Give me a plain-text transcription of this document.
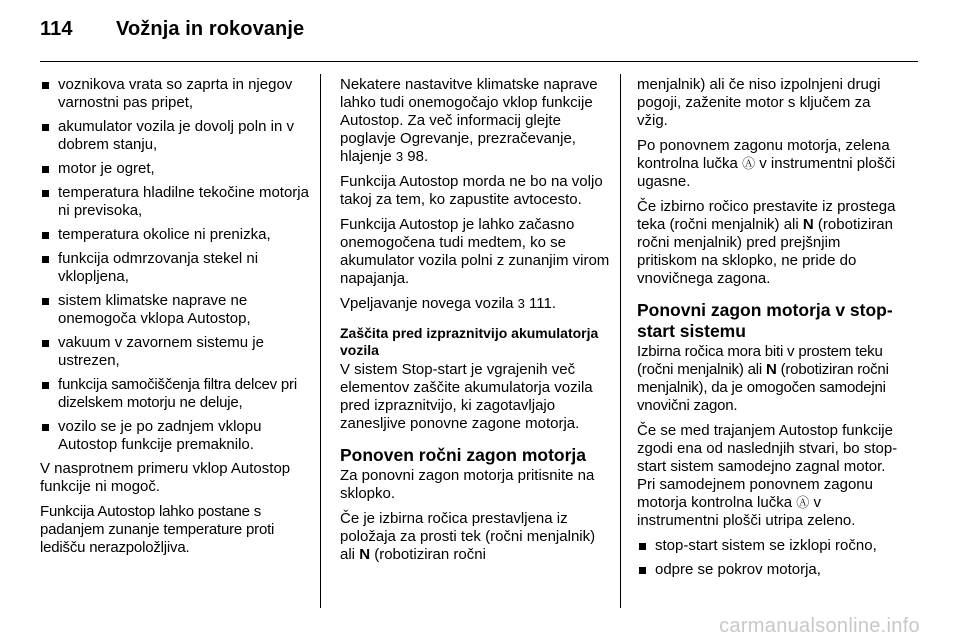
114 Vožnja in rokovanje
voznikova vrata so zaprta in njegov varnostni pas pripet,
akumulator vozila je dovolj poln in v dobrem stanju,
motor je ogret,
temperatura hladilne tekočine motorja ni previsoka,
temperatura okolice ni prenizka,
funkcija odmrzovanja stekel ni vklopljena,
sistem klimatske naprave ne onemogoča vklopa Autostop,
vakuum v zavornem sistemu je ustrezen,
funkcija samočiščenja filtra delcev pri dizelskem motorju ne deluje,
vozilo se je po zadnjem vklopu Autostop funkcije premaknilo.

V nasprotnem primeru vklop Autostop funkcije ni mogoč.

Funkcija Autostop lahko postane s padanjem zunanje temperature proti ledišču nerazpoložljiva.

Nekatere nastavitve klimatske naprave lahko tudi onemogočajo vklop funkcije Autostop. Za več informacij glejte poglavje Ogrevanje, prezračevanje, hlajenje 3 98.

Funkcija Autostop morda ne bo na voljo takoj za tem, ko zapustite avtocesto.

Funkcija Autostop je lahko začasno onemogočena tudi medtem, ko se akumulator vozila polni z zunanjim virom napajanja.

Vpeljavanje novega vozila 3 111.

Zaščita pred izpraznitvijo akumulatorja vozila

V sistem Stop-start je vgrajenih več elementov zaščite akumulatorja vozila pred izpraznitvijo, ki zagotavljajo zanesljive ponovne zagone motorja.

Ponoven ročni zagon motorja

Za ponovni zagon motorja pritisnite na sklopko.

Če je izbirna ročica prestavljena iz položaja za prosti tek (ročni menjalnik) ali N (robotiziran ročni

menjalnik) ali če niso izpolnjeni drugi pogoji, zaženite motor s ključem za vžig.

Po ponovnem zagonu motorja, zelena kontrolna lučka Ⓐ v instrumentni plošči ugasne.

Če izbirno ročico prestavite iz prostega teka (ročni menjalnik) ali N (robotiziran ročni menjalnik) pred prejšnjim pritiskom na sklopko, ne pride do vnovičnega zagona.

Ponovni zagon motorja v stop-start sistemu

Izbirna ročica mora biti v prostem teku (ročni menjalnik) ali N (robotiziran ročni menjalnik), da je omogočen samodejni vnovični zagon.

Če se med trajanjem Autostop funkcije zgodi ena od naslednjih stvari, bo stop-start sistem samodejno zagnal motor. Pri samodejnem ponovnem zagonu motorja kontrolna lučka Ⓐ v instrumentni plošči utripa zeleno.

stop-start sistem se izklopi ročno,
odpre se pokrov motorja,
carmanualsonline.info
